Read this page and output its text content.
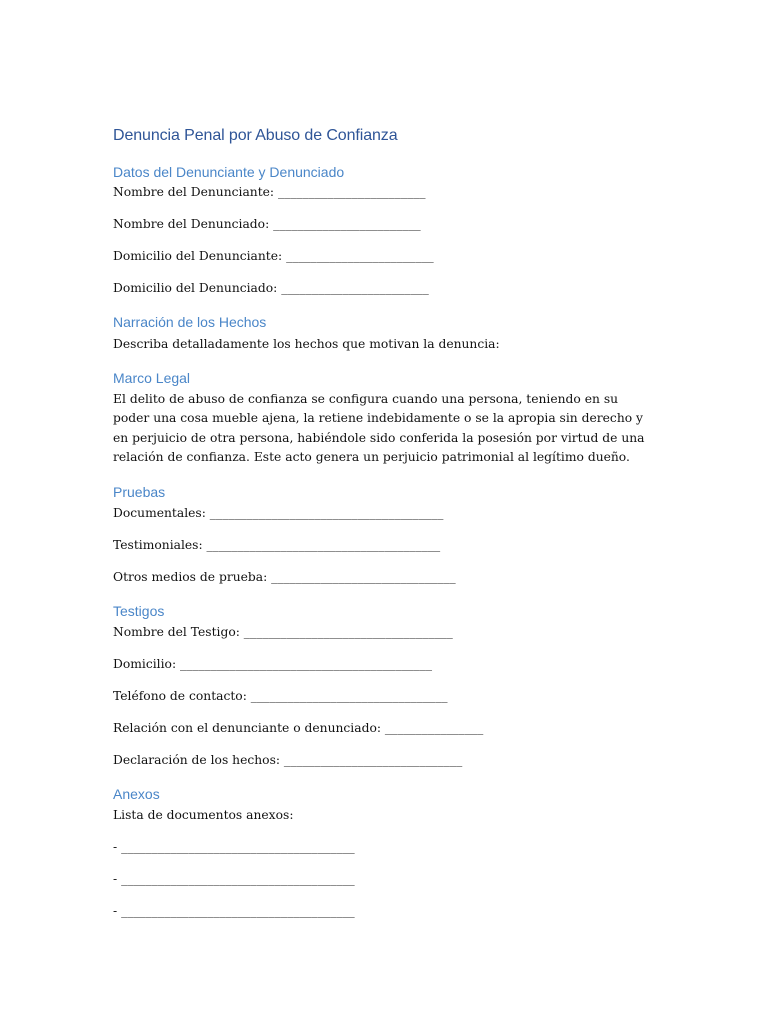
Denuncia Penal por Abuso de Confianza
Datos del Denunciante y Denunciado
Nombre del Denunciante: ________________________
Nombre del Denunciado: ________________________
Domicilio del Denunciante: ________________________
Domicilio del Denunciado: ________________________
Narración de los Hechos
Describa detalladamente los hechos que motivan la denuncia:
Marco Legal
El delito de abuso de confianza se configura cuando una persona, teniendo en su poder una cosa mueble ajena, la retiene indebidamente o se la apropia sin derecho y en perjuicio de otra persona, habiéndole sido conferida la posesión por virtud de una relación de confianza. Este acto genera un perjuicio patrimonial al legítimo dueño.
Pruebas
Documentales: ______________________________________
Testimoniales: ______________________________________
Otros medios de prueba: ______________________________
Testigos
Nombre del Testigo: __________________________________
Domicilio: _________________________________________
Teléfono de contacto: ________________________________
Relación con el denunciante o denunciado: ________________
Declaración de los hechos: _____________________________
Anexos
Lista de documentos anexos:
- ______________________________________
- ______________________________________
- ______________________________________
